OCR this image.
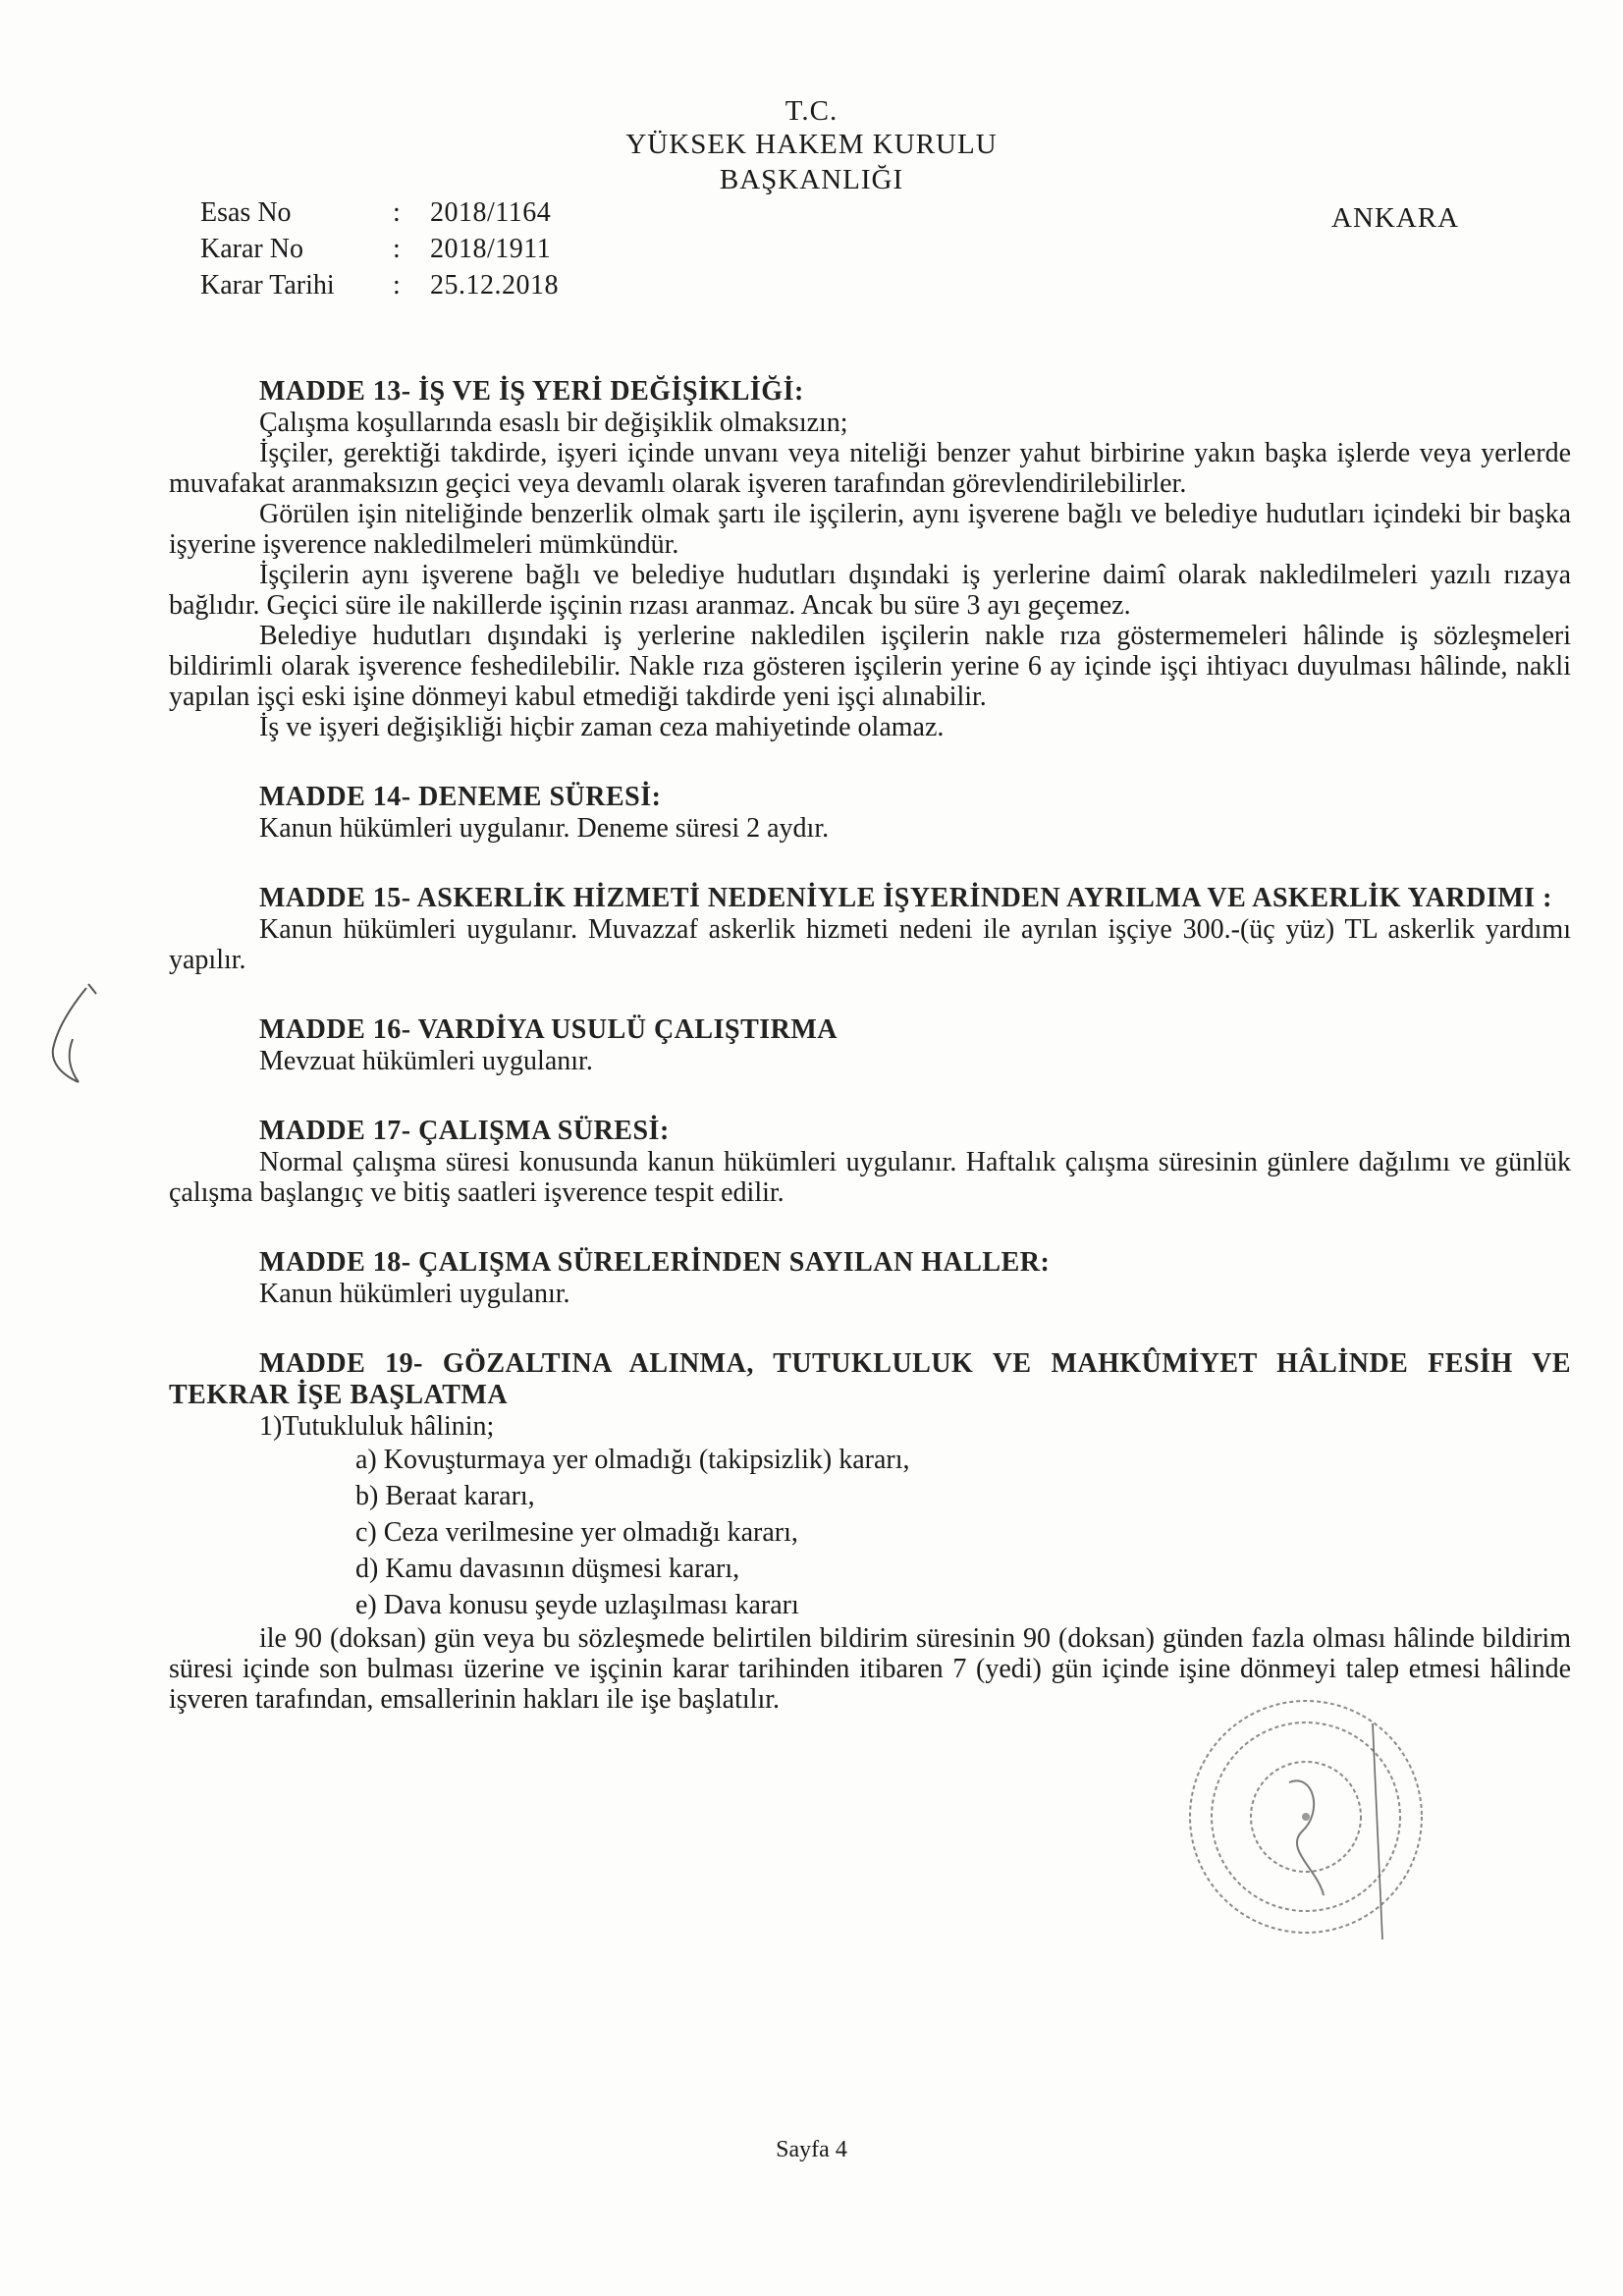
T.C.
YÜKSEK HAKEM KURULU
BAŞKANLIĞI
ANKARA
Esas No	:	2018/1164
Karar No	:	2018/1911
Karar Tarihi	:	25.12.2018
MADDE 13- İŞ VE İŞ YERİ DEĞİŞİKLİĞİ:

Çalışma koşullarında esaslı bir değişiklik olmaksızın;

İşçiler, gerektiği takdirde, işyeri içinde unvanı veya niteliği benzer yahut birbirine yakın başka işlerde veya yerlerde muvafakat aranmaksızın geçici veya devamlı olarak işveren tarafından görevlendirilebilirler.

Görülen işin niteliğinde benzerlik olmak şartı ile işçilerin, aynı işverene bağlı ve belediye hudutları içindeki bir başka işyerine işverence nakledilmeleri mümkündür.

İşçilerin aynı işverene bağlı ve belediye hudutları dışındaki iş yerlerine daimî olarak nakledilmeleri yazılı rızaya bağlıdır. Geçici süre ile nakillerde işçinin rızası aranmaz. Ancak bu süre 3 ayı geçemez.

Belediye hudutları dışındaki iş yerlerine nakledilen işçilerin nakle rıza göstermemeleri hâlinde iş sözleşmeleri bildirimli olarak işverence feshedilebilir. Nakle rıza gösteren işçilerin yerine 6 ay içinde işçi ihtiyacı duyulması hâlinde, nakli yapılan işçi eski işine dönmeyi kabul etmediği takdirde yeni işçi alınabilir.

İş ve işyeri değişikliği hiçbir zaman ceza mahiyetinde olamaz.

MADDE 14- DENEME SÜRESİ:

Kanun hükümleri uygulanır. Deneme süresi 2 aydır.

MADDE 15- ASKERLİK HİZMETİ NEDENİYLE İŞYERİNDEN AYRILMA VE ASKERLİK YARDIMI :

Kanun hükümleri uygulanır. Muvazzaf askerlik hizmeti nedeni ile ayrılan işçiye 300.-(üç yüz) TL askerlik yardımı yapılır.

MADDE 16- VARDİYA USULÜ ÇALIŞTIRMA

Mevzuat hükümleri uygulanır.

MADDE 17- ÇALIŞMA SÜRESİ:

Normal çalışma süresi konusunda kanun hükümleri uygulanır. Haftalık çalışma süresinin günlere dağılımı ve günlük çalışma başlangıç ve bitiş saatleri işverence tespit edilir.

MADDE 18- ÇALIŞMA SÜRELERİNDEN SAYILAN HALLER:

Kanun hükümleri uygulanır.

MADDE 19- GÖZALTINA ALINMA, TUTUKLULUK VE MAHKÛMİYET HÂLİNDE FESİH VE TEKRAR İŞE BAŞLATMA

1)Tutukluluk hâlinin;

a) Kovuşturmaya yer olmadığı (takipsizlik) kararı,
b) Beraat kararı,
c) Ceza verilmesine yer olmadığı kararı,
d) Kamu davasının düşmesi kararı,
e) Dava konusu şeyde uzlaşılması kararı

ile 90 (doksan) gün veya bu sözleşmede belirtilen bildirim süresinin 90 (doksan) günden fazla olması hâlinde bildirim süresi içinde son bulması üzerine ve işçinin karar tarihinden itibaren 7 (yedi) gün içinde işine dönmeyi talep etmesi hâlinde işveren tarafından, emsallerinin hakları ile işe başlatılır.

Sayfa 4
